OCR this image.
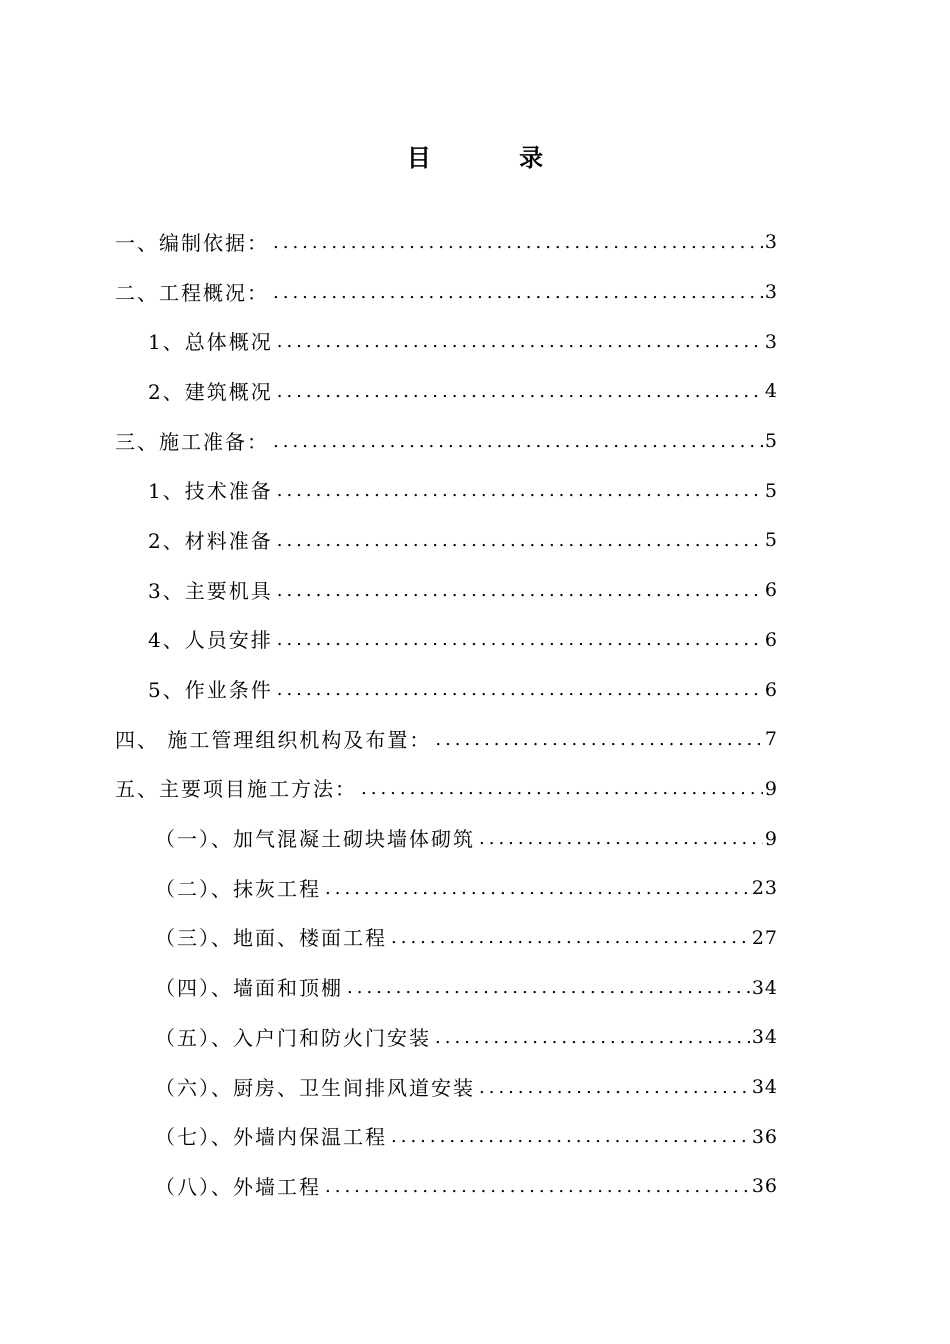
目 录
一、编制依据： .....	3
二、工程概况： .....	3
1、总体概况 .....	3
2、建筑概况 .....	4
三、施工准备： .....	5
1、技术准备 .....	5
2、材料准备 .....	5
3、主要机具 .....	6
4、人员安排 .....	6
5、作业条件 .....	6
四、 施工管理组织机构及布置： .....	7
五、主要项目施工方法： .....	9
（一）、加气混凝土砌块墙体砌筑 .....	9
（二）、抹灰工程 .....	23
（三）、地面、楼面工程 .....	27
（四）、墙面和顶棚 .....	34
（五）、入户门和防火门安装 .....	34
（六）、厨房、卫生间排风道安装 .....	34
（七）、外墙内保温工程 .....	36
（八）、外墙工程 .....	36
